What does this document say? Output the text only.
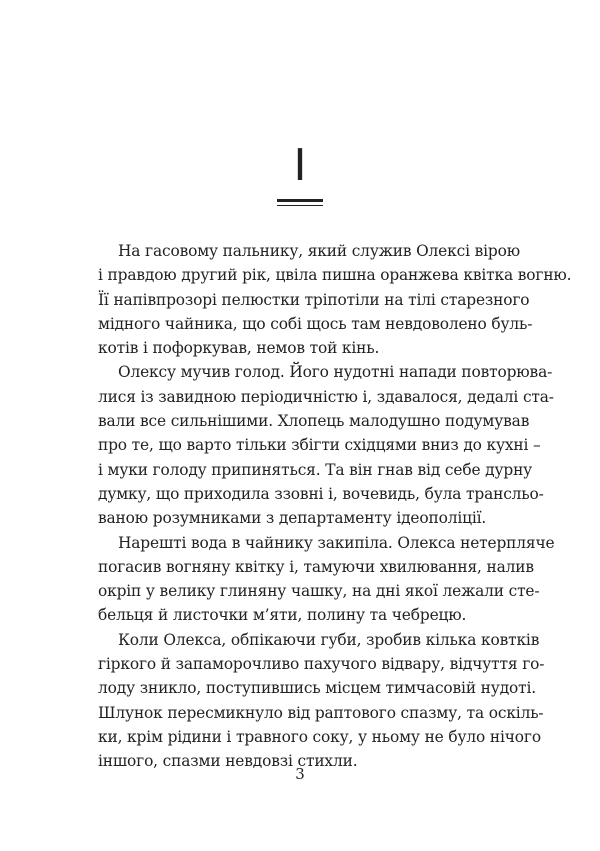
I
На гасовому пальнику, який служив Олексі вірою
і правдою другий рік, цвіла пишна оранжева квітка вогню.
Її напівпрозорі пелюстки тріпотіли на тілі старезного
мідного чайника, що собі щось там невдоволено буль-
котів і пофоркував, немов той кінь.
Олексу мучив голод. Його нудотні напади повторюва-
лися із завидною періодичністю і, здавалося, дедалі ста-
вали все сильнішими. Хлопець малодушно подумував
про те, що варто тільки збігти східцями вниз до кухні –
і муки голоду припиняться. Та він гнав від себе дурну
думку, що приходила ззовні і, вочевидь, була трансльо-
ваною розумниками з департаменту ідеополіції.
Нарешті вода в чайнику закипіла. Олекса нетерпляче
погасив вогняну квітку і, тамуючи хвилювання, налив
окріп у велику глиняну чашку, на дні якої лежали сте-
бельця й листочки м’яти, полину та чебрецю.
Коли Олекса, обпікаючи губи, зробив кілька ковтків
гіркого й запаморочливо пахучого відвару, відчуття го-
лоду зникло, поступившись місцем тимчасовій нудоті.
Шлунок пересмикнуло від раптового спазму, та оскіль-
ки, крім рідини і травного соку, у ньому не було нічого
іншого, спазми невдовзі стихли.
3
